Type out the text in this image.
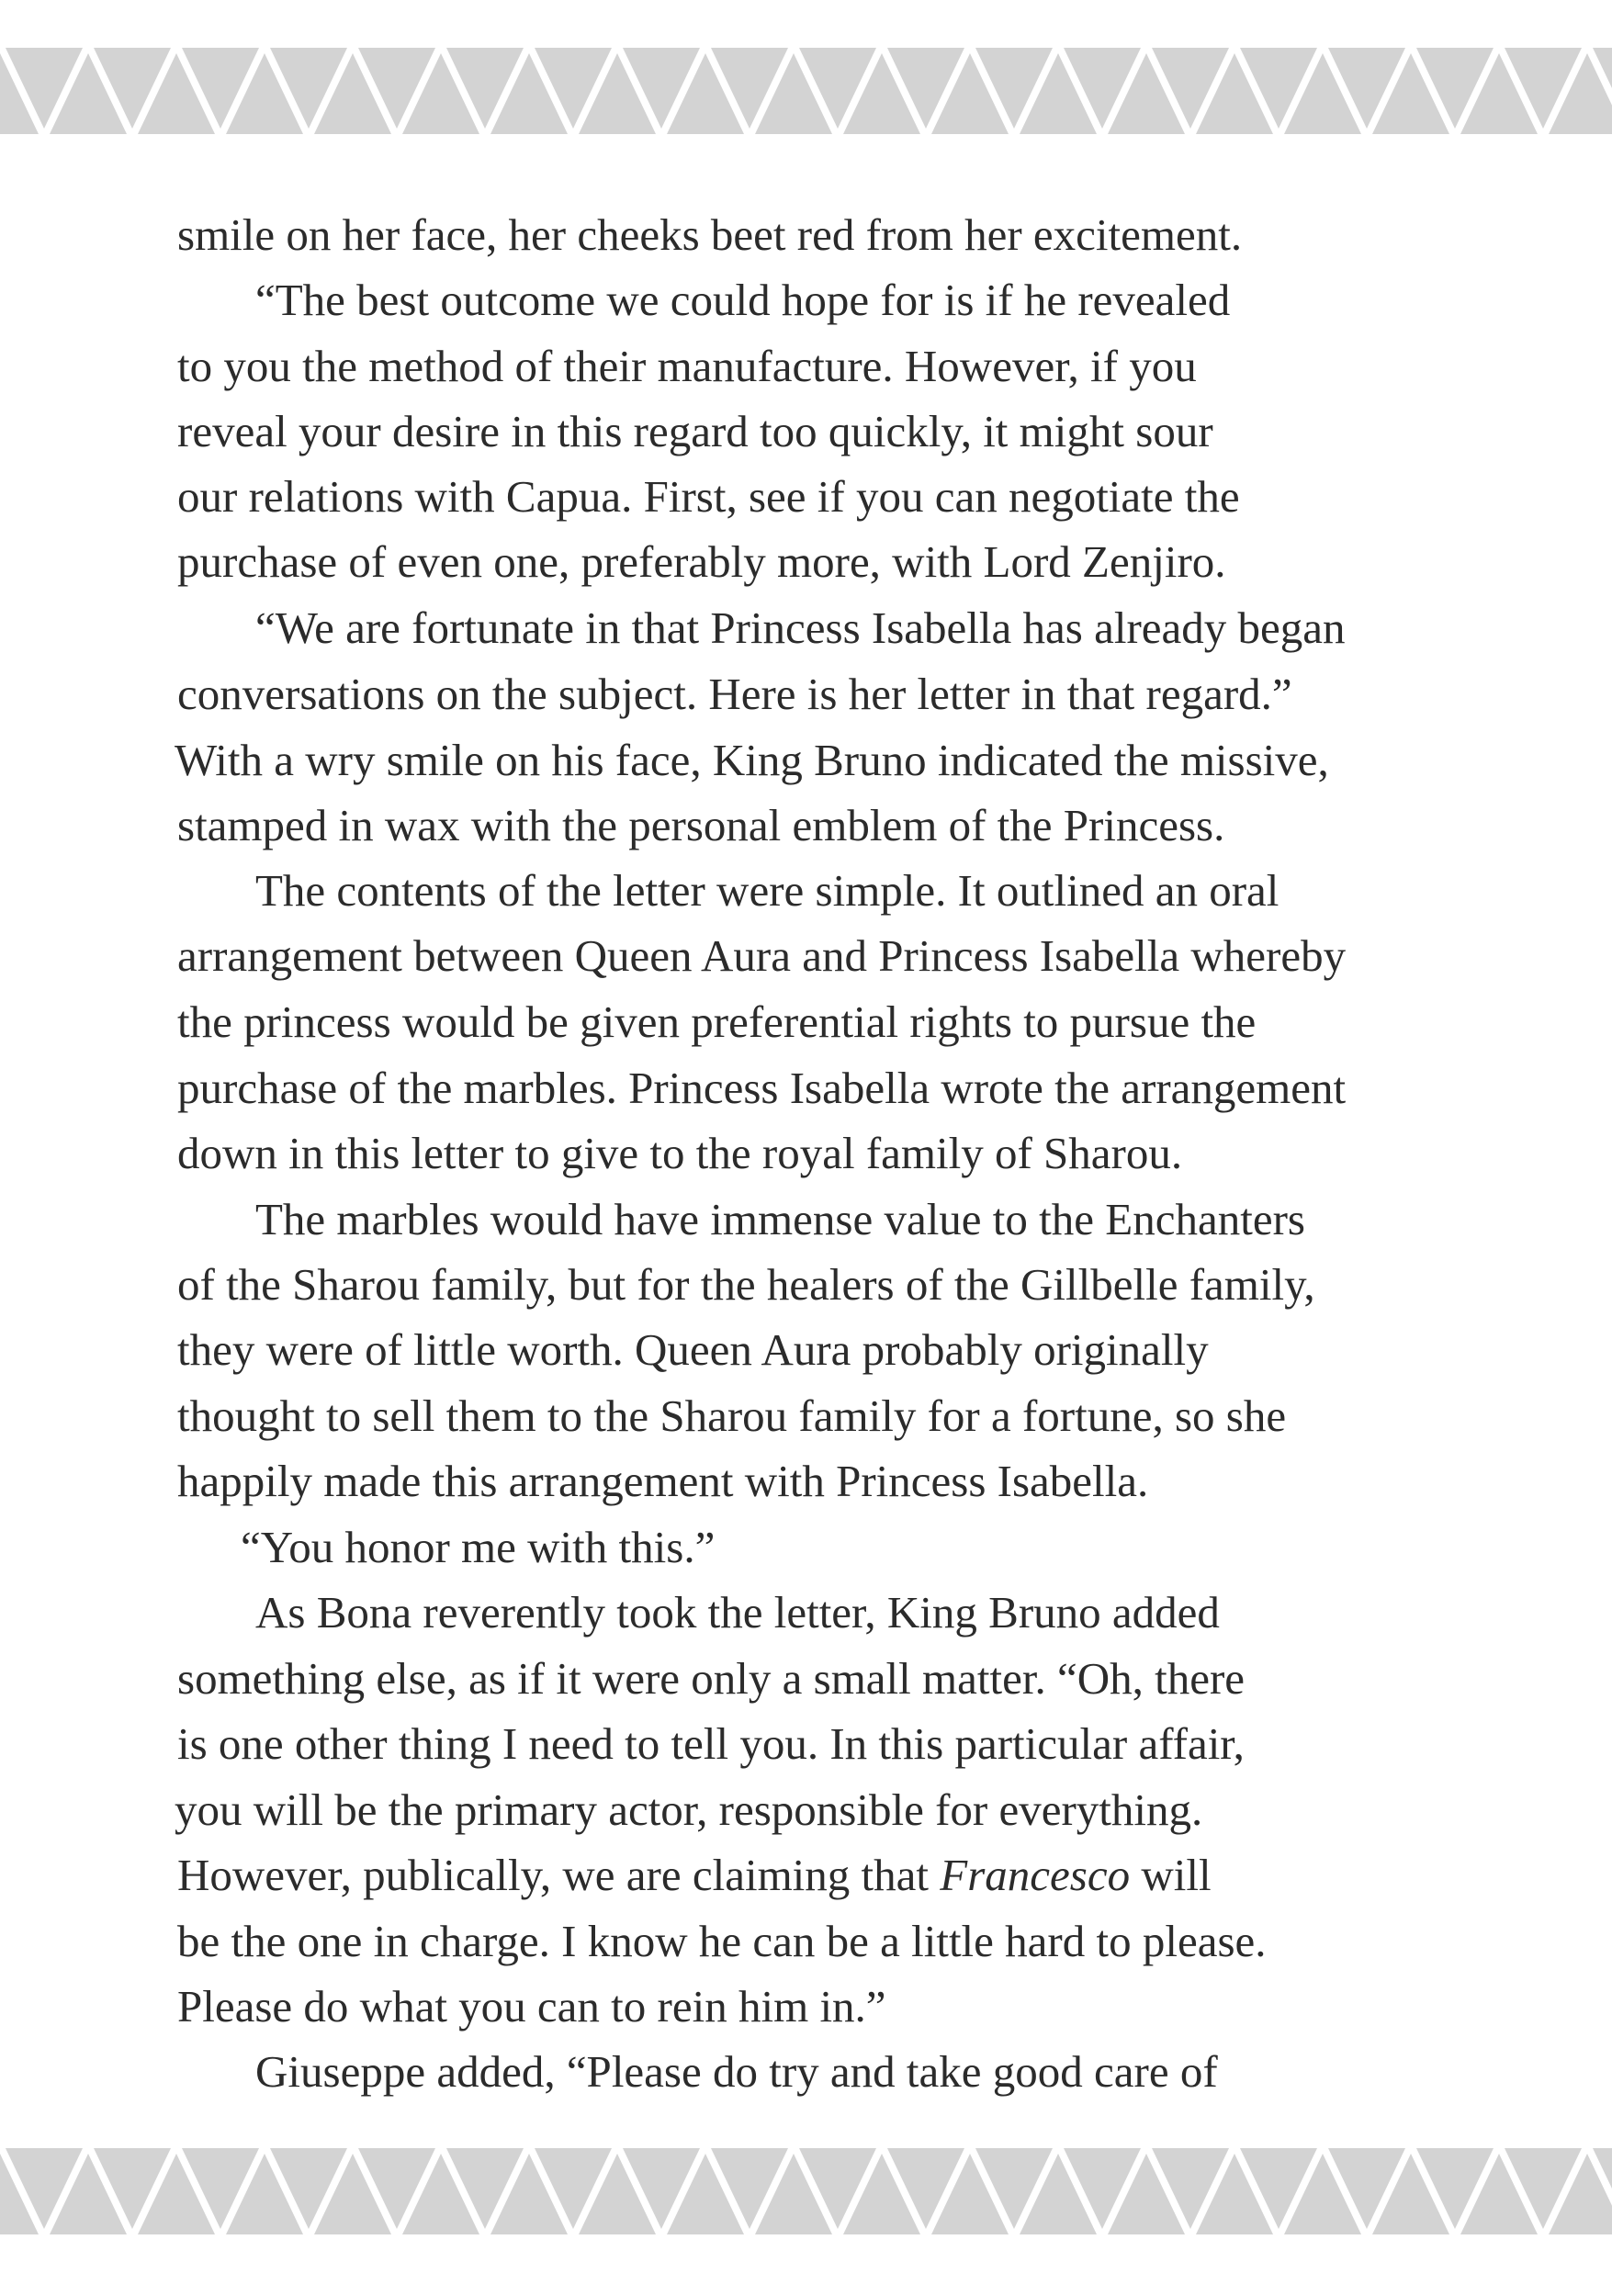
smile on her face, her cheeks beet red from her excitement.
“The best outcome we could hope for is if he revealed
to you the method of their manufacture. However, if you
reveal your desire in this regard too quickly, it might sour
our relations with Capua. First, see if you can negotiate the
purchase of even one, preferably more, with Lord Zenjiro.
“We are fortunate in that Princess Isabella has already began
conversations on the subject. Here is her letter in that regard.”
With a wry smile on his face, King Bruno indicated the missive,
stamped in wax with the personal emblem of the Princess.
The contents of the letter were simple. It outlined an oral
arrangement between Queen Aura and Princess Isabella whereby
the princess would be given preferential rights to pursue the
purchase of the marbles. Princess Isabella wrote the arrangement
down in this letter to give to the royal family of Sharou.
The marbles would have immense value to the Enchanters
of the Sharou family, but for the healers of the Gillbelle family,
they were of little worth. Queen Aura probably originally
thought to sell them to the Sharou family for a fortune, so she
happily made this arrangement with Princess Isabella.
“You honor me with this.”
As Bona reverently took the letter, King Bruno added
something else, as if it were only a small matter. “Oh, there
is one other thing I need to tell you. In this particular affair,
you will be the primary actor, responsible for everything.
However, publically, we are claiming that Francesco will
be the one in charge. I know he can be a little hard to please.
Please do what you can to rein him in.”
Giuseppe added, “Please do try and take good care of
